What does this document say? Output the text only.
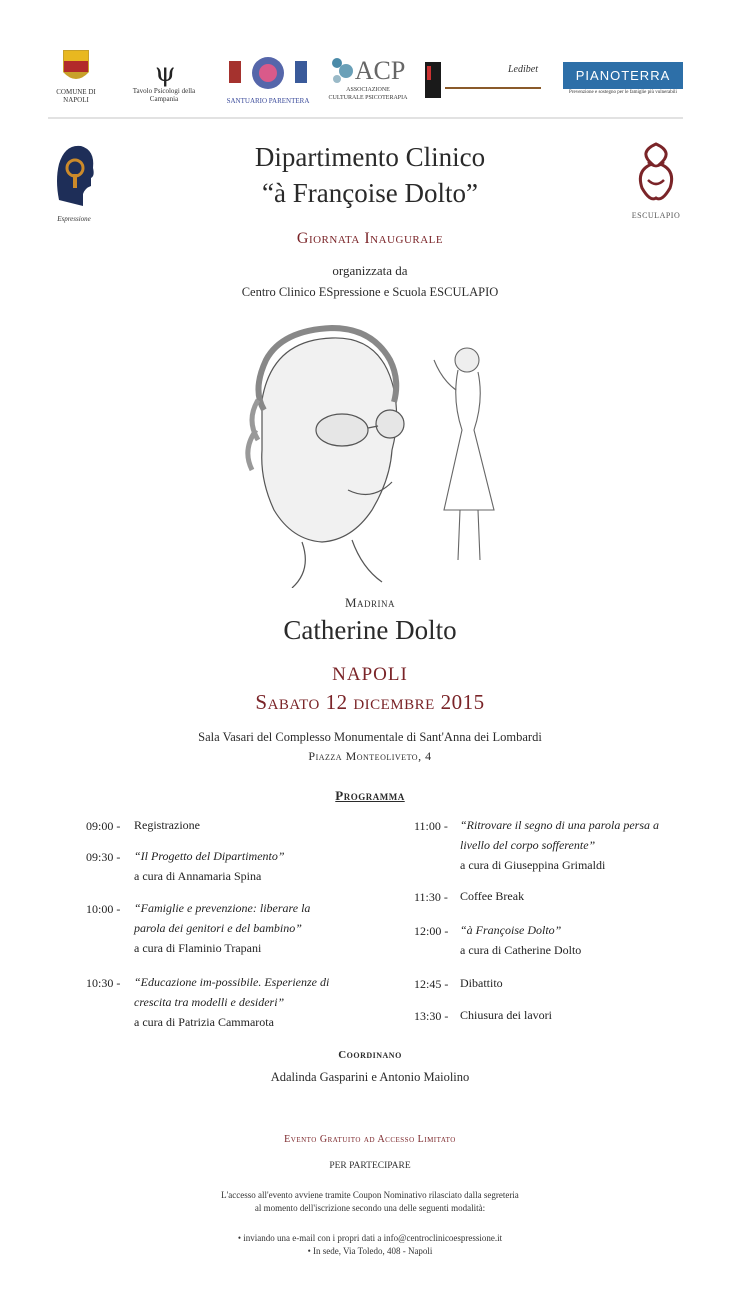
COMUNE DI NAPOLI
ψ
Tavolo Psicologi della Campania	SANTUARIO PARENTERA
ACP
ASSOCIAZIONE CULTURALE PSICOTERAPIA
Ledibet	PIANOTERRA
Prevenzione e sostegno per le famiglie più vulnerabili
Espressione	ESCULAPIO
Dipartimento Clinico
“à Françoise Dolto”
Giornata Inaugurale
organizzata da
Centro Clinico ESpressione e Scuola ESCULAPIO
Madrina
Catherine Dolto
NAPOLI
Sabato 12 dicembre 2015
Sala Vasari del Complesso Monumentale di Sant'Anna dei Lombardi
Piazza Monteoliveto, 4
Programma
09:00 - Registrazione
09:30 - “Il Progetto del Dipartimento”
a cura di Annamaria Spina
10:00 - “Famiglie e prevenzione: liberare la parola dei genitori e del bambino”
a cura di Flaminio Trapani
10:30 - “Educazione im-possibile. Esperienze di crescita tra modelli e desideri”
a cura di Patrizia Cammarota
11:00 - “Ritrovare il segno di una parola persa a livello del corpo sofferente”
a cura di Giuseppina Grimaldi
11:30 - Coffee Break
12:00 - “à Françoise Dolto”
a cura di Catherine Dolto
12:45 - Dibattito
13:30 - Chiusura dei lavori
Coordinano
Adalinda Gasparini e Antonio Maiolino
Evento Gratuito ad Accesso Limitato
PER PARTECIPARE
L'accesso all'evento avviene tramite Coupon Nominativo rilasciato dalla segreteria
al momento dell'iscrizione secondo una delle seguenti modalità:
• inviando una e-mail con i propri dati a info@centroclinicoespressione.it
• In sede, Via Toledo, 408 - Napoli
